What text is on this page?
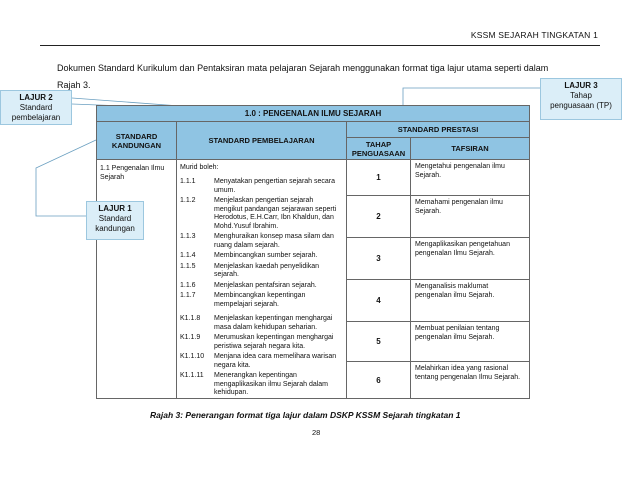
KSSM SEJARAH TINGKATAN 1
Dokumen Standard Kurikulum dan Pentaksiran mata pelajaran Sejarah menggunakan format tiga lajur utama seperti dalam Rajah 3.
LAJUR 2
Standard
pembelajaran
LAJUR 3
Tahap
penguasaan (TP)
1.0 : PENGENALAN ILMU SEJARAH
STANDARD KANDUNGAN	STANDARD PEMBELAJARAN
STANDARD PRESTASI
TAHAP PENGUASAAN	TAFSIRAN
1.1 Pengenalan Ilmu Sejarah
Murid boleh:
1.1.1	Menyatakan pengertian sejarah secara umum.
1.1.2	Menjelaskan pengertian sejarah mengikut pandangan sejarawan seperti Herodotus, E.H.Carr, Ibn Khaldun, dan Mohd.Yusuf Ibrahim.
1.1.3	Menghuraikan konsep masa silam dan ruang dalam sejarah.
1.1.4	Membincangkan sumber sejarah.
1.1.5	Menjelaskan kaedah penyelidikan sejarah.
1.1.6	Menjelaskan pentafsiran sejarah.
1.1.7	Membincangkan kepentingan mempelajari sejarah.
K1.1.8	Menjelaskan kepentingan menghargai masa dalam kehidupan seharian.
K1.1.9	Merumuskan kepentingan menghargai peristiwa sejarah negara kita.
K1.1.10	Menjana idea cara memelihara warisan negara kita.
K1.1.11	Menerangkan kepentingan mengaplikasikan ilmu Sejarah dalam kehidupan.
1
Mengetahui pengenalan ilmu Sejarah.
2
Memahami pengenalan ilmu Sejarah.
3
Mengaplikasikan pengetahuan pengenalan Ilmu Sejarah.
4
Menganalisis maklumat pengenalan ilmu Sejarah.
5
Membuat penilaian tentang pengenalan ilmu Sejarah.
6
Melahirkan idea yang rasional tentang pengenalan Ilmu Sejarah.
LAJUR 1
Standard
kandungan
Rajah 3: Penerangan format tiga lajur dalam DSKP KSSM Sejarah tingkatan 1
28
